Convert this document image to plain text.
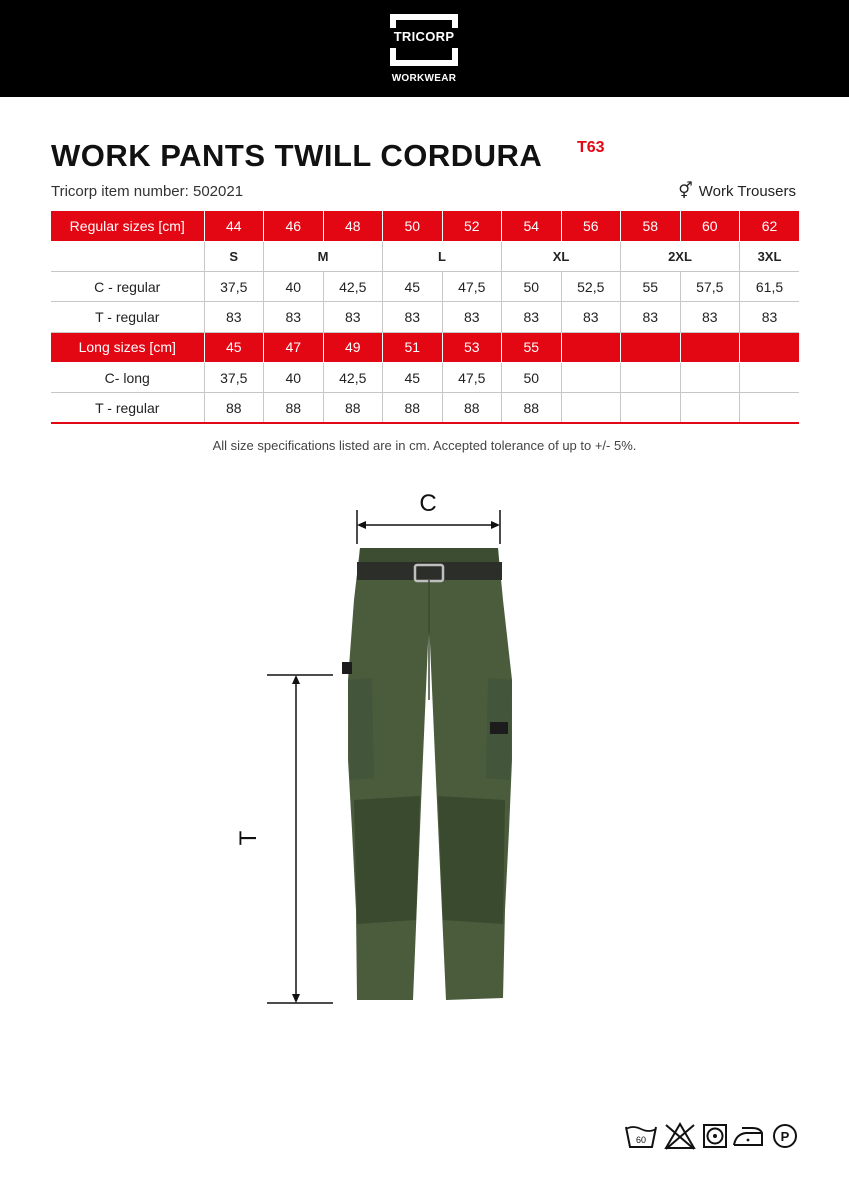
TRICORP
WORKWEAR
WORK PANTS TWILL CORDURA T63
Tricorp item number: 502021	⚥ Work Trousers
Regular sizes [cm]	44	46	48	50	52	54	56	58	60	62
	S	M		L		XL		2XL		3XL
C - regular	37,5	40	42,5	45	47,5	50	52,5	55	57,5	61,5
T - regular	83	83	83	83	83	83	83	83	83	83
Long sizes [cm]	45	47	49	51	53	55				
C- long	37,5	40	42,5	45	47,5	50				
T - regular	88	88	88	88	88	88				
All size specifications listed are in cm. Accepted tolerance of up to +/- 5%.
C
T
60	P
